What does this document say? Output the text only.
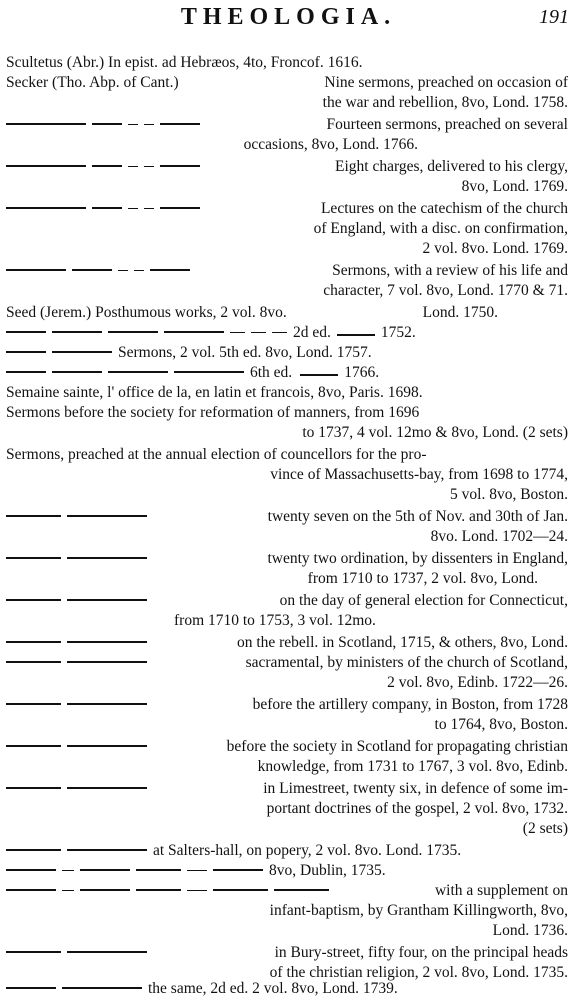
THEOLOGIA.	191
Scultetus (Abr.) In epist. ad Hebræos, 4to, Froncof. 1616.
Secker (Tho. Abp. of Cant.)	Nine sermons, preached on occasion of
the war and rebellion, 8vo, Lond. 1758.
Fourteen sermons, preached on several
occasions, 8vo, Lond. 1766.
Eight charges, delivered to his clergy,
8vo, Lond. 1769.
Lectures on the catechism of the church
of England, with a disc. on confirmation,
2 vol. 8vo. Lond. 1769.
Sermons, with a review of his life and
character, 7 vol. 8vo, Lond. 1770 & 71.
Seed (Jerem.) Posthumous works, 2 vol. 8vo.	Lond. 1750.
2d ed.	1752.
Sermons, 2 vol. 5th ed. 8vo, Lond. 1757.
6th ed.	1766.
Semaine sainte, l' office de la, en latin et francois, 8vo, Paris. 1698.
Sermons before the society for reformation of manners, from 1696
to 1737, 4 vol. 12mo & 8vo, Lond. (2 sets)
Sermons, preached at the annual election of councellors for the pro-
vince of Massachusetts-bay, from 1698 to 1774,
5 vol. 8vo, Boston.
twenty seven on the 5th of Nov. and 30th of Jan.
8vo. Lond. 1702—24.
twenty two ordination, by dissenters in England,
from 1710 to 1737, 2 vol. 8vo, Lond.
on the day of general election for Connecticut,
from 1710 to 1753, 3 vol. 12mo.
on the rebell. in Scotland, 1715, & others, 8vo, Lond.
sacramental, by ministers of the church of Scotland,
2 vol. 8vo, Edinb. 1722—26.
before the artillery company, in Boston, from 1728
to 1764, 8vo, Boston.
before the society in Scotland for propagating christian
knowledge, from 1731 to 1767, 3 vol. 8vo, Edinb.
in Limestreet, twenty six, in defence of some im-
portant doctrines of the gospel, 2 vol. 8vo, 1732.
(2 sets)
at Salters-hall, on popery, 2 vol. 8vo. Lond. 1735.
8vo, Dublin, 1735.
with a supplement on
infant-baptism, by Grantham Killingworth, 8vo,
Lond. 1736.
in Bury-street, fifty four, on the principal heads
of the christian religion, 2 vol. 8vo, Lond. 1735.
the same, 2d ed. 2 vol. 8vo, Lond. 1739.
